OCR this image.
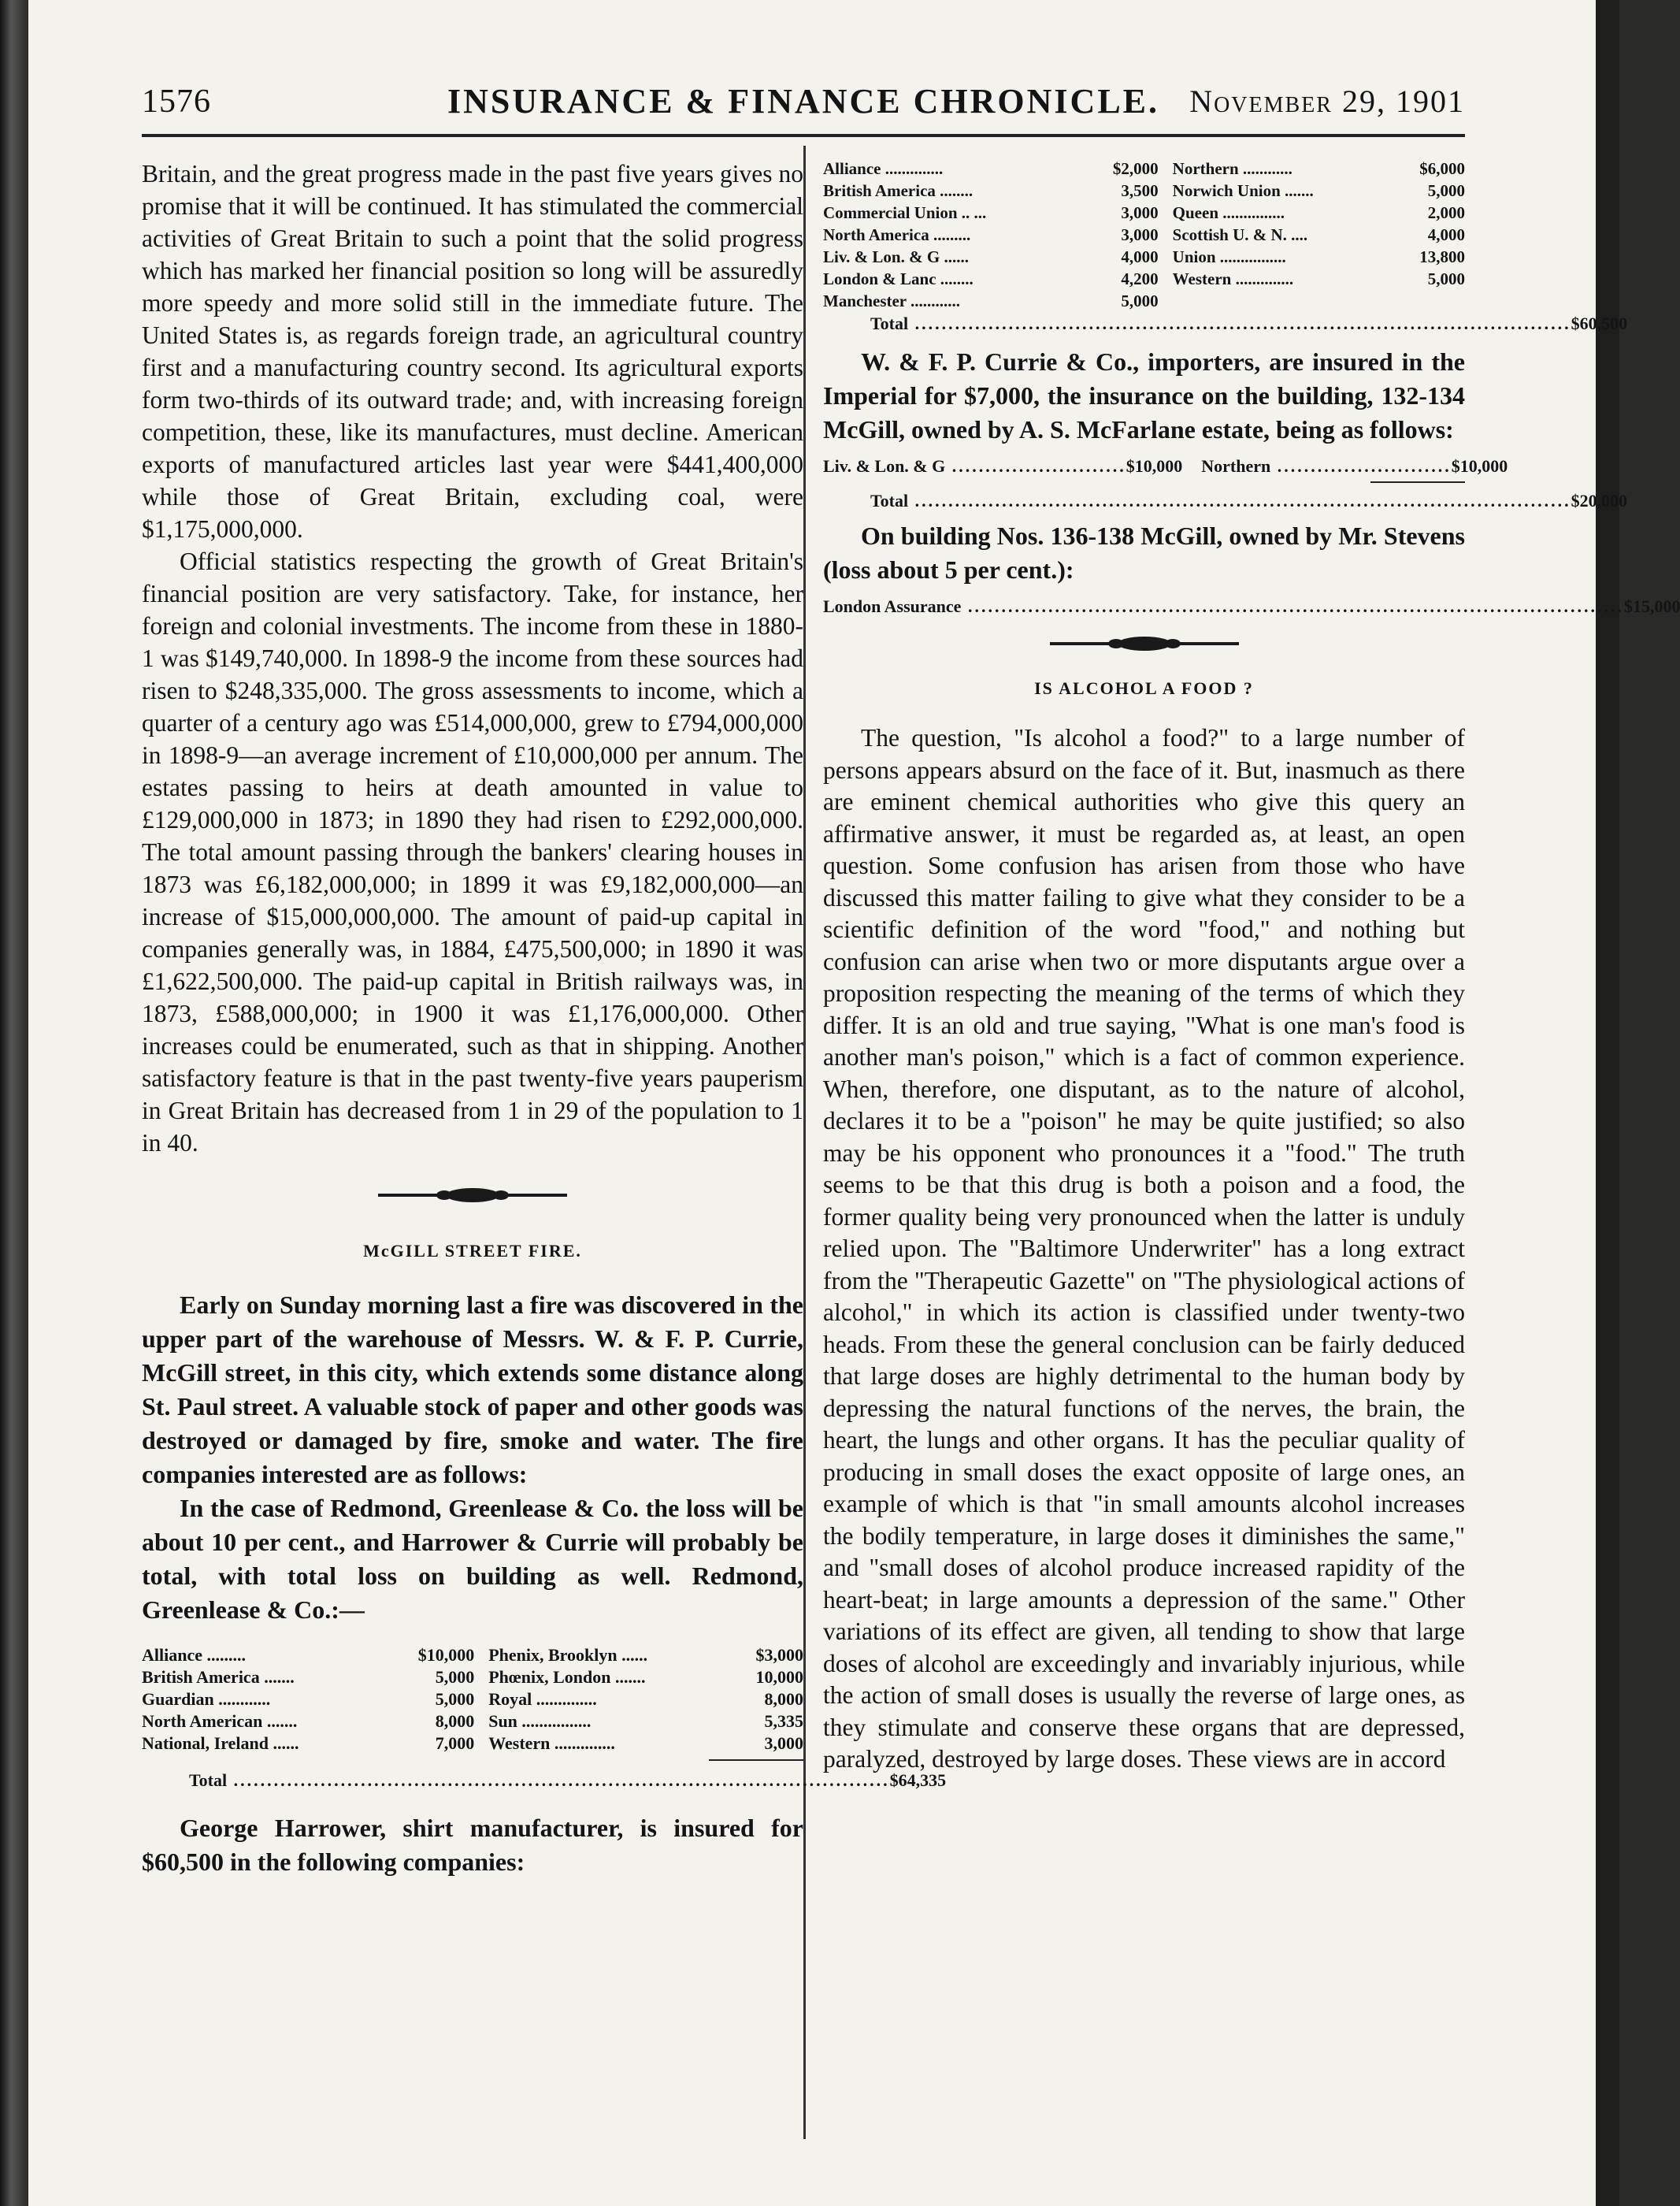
1576	INSURANCE & FINANCE CHRONICLE. November 29, 1901

Britain, and the great progress made in the past five years gives no promise that it will be continued. It has stimulated the commercial activities of Great Britain to such a point that the solid progress which has marked her financial position so long will be assuredly more speedy and more solid still in the immediate future. The United States is, as regards foreign trade, an agricultural country first and a manufacturing country second. Its agricultural exports form two-thirds of its outward trade; and, with increasing foreign competition, these, like its manufactures, must decline. American exports of manufactured articles last year were $441,400,000 while those of Great Britain, excluding coal, were $1,175,000,000.

Official statistics respecting the growth of Great Britain's financial position are very satisfactory. Take, for instance, her foreign and colonial investments. The income from these in 1880-1 was $149,740,000. In 1898-9 the income from these sources had risen to $248,335,000. The gross assessments to income, which a quarter of a century ago was £514,000,000, grew to £794,000,000 in 1898-9—an average increment of £10,000,000 per annum. The estates passing to heirs at death amounted in value to £129,000,000 in 1873; in 1890 they had risen to £292,000,000. The total amount passing through the bankers' clearing houses in 1873 was £6,182,000,000; in 1899 it was £9,182,000,000—an increase of $15,000,000,000. The amount of paid-up capital in companies generally was, in 1884, £475,500,000; in 1890 it was £1,622,500,000. The paid-up capital in British railways was, in 1873, £588,000,000; in 1900 it was £1,176,000,000. Other increases could be enumerated, such as that in shipping. Another satisfactory feature is that in the past twenty-five years pauperism in Great Britain has decreased from 1 in 29 of the population to 1 in 40.

McGILL STREET FIRE.

Early on Sunday morning last a fire was discovered in the upper part of the warehouse of Messrs. W. & F. P. Currie, McGill street, in this city, which extends some distance along St. Paul street. A valuable stock of paper and other goods was destroyed or damaged by fire, smoke and water. The fire companies interested are as follows:

In the case of Redmond, Greenlease & Co. the loss will be about 10 per cent., and Harrower & Currie will probably be total, with total loss on building as well. Redmond, Greenlease & Co.:—

Alliance .........	$10,000	Phenix, Brooklyn ......	$3,000
British America .......	5,000	Phœnix, London .......	10,000
Guardian ............	5,000	Royal ..............	8,000
North American .......	8,000	Sun ................	5,335
National, Ireland ......	7,000	Western ..............	3,000
Total .................................................................................................. $64,335

George Harrower, shirt manufacturer, is insured for $60,500 in the following companies:

Alliance ..............	$2,000	Northern ............	$6,000
British America ........	3,500	Norwich Union .......	5,000
Commercial Union .. ...	3,000	Queen ...............	2,000
North America .........	3,000	Scottish U. & N. ....	4,000
Liv. & Lon. & G ......	4,000	Union ................	13,800
London & Lanc ........	4,200	Western ..............	5,000
Manchester ............	5,000		
Total .................................................................................................. $60,500

W. & F. P. Currie & Co., importers, are insured in the Imperial for $7,000, the insurance on the building, 132-134 McGill, owned by A. S. McFarlane estate, being as follows:

Liv. & Lon. & G .......................... $10,000 Northern .......................... $10,000
Total .................................................................................................. $20,000

On building Nos. 136-138 McGill, owned by Mr. Stevens (loss about 5 per cent.):

London Assurance .................................................................................................. $15,000

IS ALCOHOL A FOOD ?

The question, "Is alcohol a food?" to a large number of persons appears absurd on the face of it. But, inasmuch as there are eminent chemical authorities who give this query an affirmative answer, it must be regarded as, at least, an open question. Some confusion has arisen from those who have discussed this matter failing to give what they consider to be a scientific definition of the word "food," and nothing but confusion can arise when two or more disputants argue over a proposition respecting the meaning of the terms of which they differ. It is an old and true saying, "What is one man's food is another man's poison," which is a fact of common experience. When, therefore, one disputant, as to the nature of alcohol, declares it to be a "poison" he may be quite justified; so also may be his opponent who pronounces it a "food." The truth seems to be that this drug is both a poison and a food, the former quality being very pronounced when the latter is unduly relied upon. The "Baltimore Underwriter" has a long extract from the "Therapeutic Gazette" on "The physiological actions of alcohol," in which its action is classified under twenty-two heads. From these the general conclusion can be fairly deduced that large doses are highly detrimental to the human body by depressing the natural functions of the nerves, the brain, the heart, the lungs and other organs. It has the peculiar quality of producing in small doses the exact opposite of large ones, an example of which is that "in small amounts alcohol increases the bodily temperature, in large doses it diminishes the same," and "small doses of alcohol produce increased rapidity of the heart-beat; in large amounts a depression of the same." Other variations of its effect are given, all tending to show that large doses of alcohol are exceedingly and invariably injurious, while the action of small doses is usually the reverse of large ones, as they stimulate and conserve these organs that are depressed, paralyzed, destroyed by large doses. These views are in accord
